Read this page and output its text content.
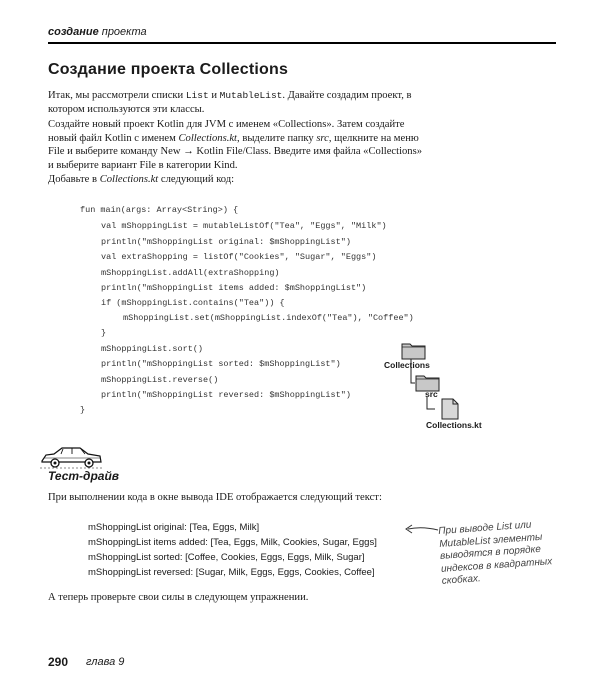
создание проекта
Создание проекта Collections

Итак, мы рассмотрели списки List и MutableList. Давайте создадим проект, в котором используются эти классы.

Создайте новый проект Kotlin для JVM с именем «Collections». Затем создайте новый файл Kotlin с именем Collections.kt, выделите папку src, щелкните на меню File и выберите команду New → Kotlin File/Class. Введите имя файла «Collections» и выберите вариант File в категории Kind.

Добавьте в Collections.kt следующий код:

fun main(args: Array<String>) {
val mShoppingList = mutableListOf("Tea", "Eggs", "Milk")
println("mShoppingList original: $mShoppingList")
val extraShopping = listOf("Cookies", "Sugar", "Eggs")
mShoppingList.addAll(extraShopping)
println("mShoppingList items added: $mShoppingList")
if (mShoppingList.contains("Tea")) {
mShoppingList.set(mShoppingList.indexOf("Tea"), "Coffee")
}
mShoppingList.sort()
println("mShoppingList sorted: $mShoppingList")
mShoppingList.reverse()
println("mShoppingList reversed: $mShoppingList")
}
Collections
src
Collections.kt
Тест-драйв

При выполнении кода в окне вывода IDE отображается следующий текст:

mShoppingList original: [Tea, Eggs, Milk]
mShoppingList items added: [Tea, Eggs, Milk, Cookies, Sugar, Eggs]
mShoppingList sorted: [Coffee, Cookies, Eggs, Eggs, Milk, Sugar]
mShoppingList reversed: [Sugar, Milk, Eggs, Eggs, Cookies, Coffee]
При выводе List или MutableList элементы выводятся в порядке индексов в квадратных скобках.

А теперь проверьте свои силы в следующем упражнении.

290 глава 9
